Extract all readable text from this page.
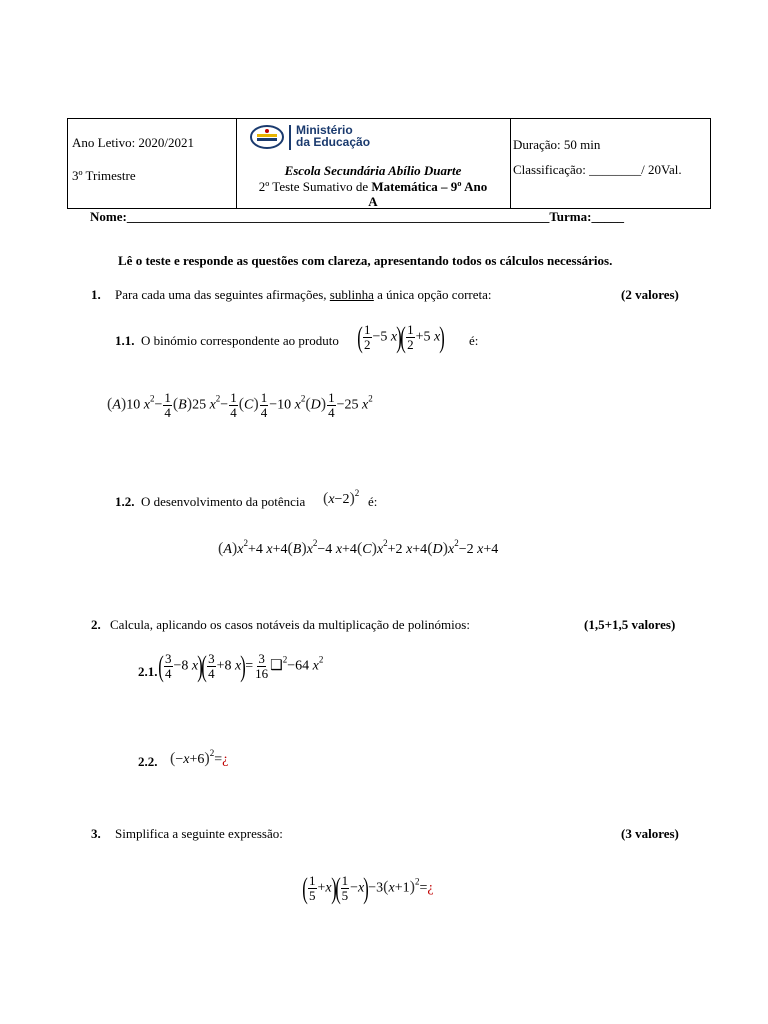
Ano Letivo: 2020/2021
3º Trimestre
Ministério
da Educação
Escola Secundária Abílio Duarte
2º Teste Sumativo de Matemática – 9º Ano
A
Duração: 50 min
Classificação: ________/ 20Val.
Nome:_________________________________________________________________Turma:_____
Lê o teste e responde as questões com clareza, apresentando todos os cálculos necessários.
1. Para cada uma das seguintes afirmações, sublinha a única opção correta:	(2 valores)
1.1. O binómio correspondente ao produto ( $\frac{1}{2} -5$ $x)( \frac{1}{2} +5$ x) é:
(A)10 $x^2- \frac{1}{4} (B)25$ $x^2- \frac{1}{4} (C) \frac{1}{4} -10$ $x^2(D) \frac{1}{4} -25$ $x^2$
1.2. O desenvolvimento da potência $(x-2)^2$
é:
$(A)x^2+4$ $x+4(B)x^2-4$ $x+4(C)x^2+2$ $x+4(D)x^2-2$ x+4
2. Calcula, aplicando os casos notáveis da multiplicação de polinómios:	(1,5+1,5 valores)
2.1. ( $\frac{3}{4} -8$ $x)( \frac{3}{4} +8$ $x)= \frac{3}{16}$ ❑$^2$−64 $x^2$
2.2. $(-x+6)^2=¿$
3. Simplifica a seguinte expressão:	(3 valores)
( $\frac{1}{5} +x)( \frac{1}{5}$ $-x)-3(x+1)^2=¿$
